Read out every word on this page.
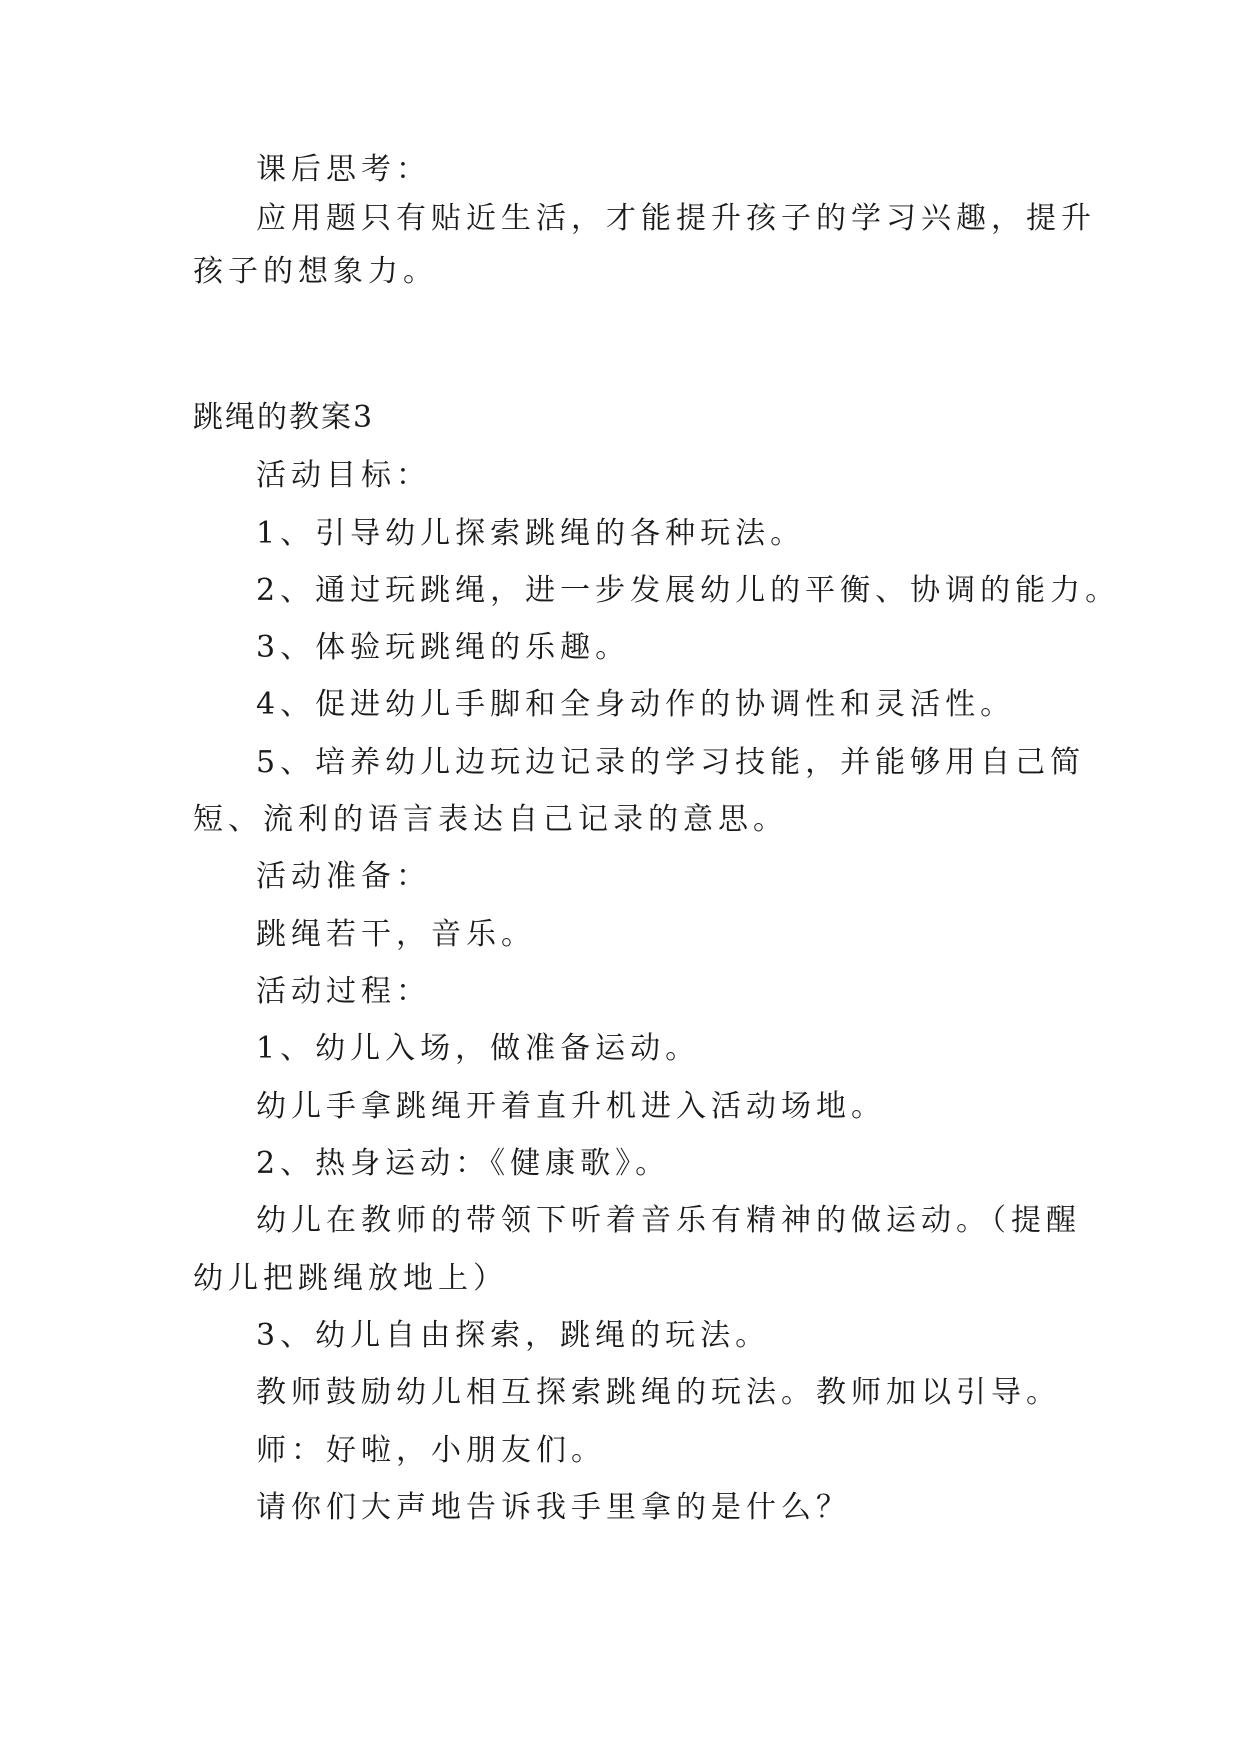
课后思考：

应用题只有贴近生活，才能提升孩子的学习兴趣，提升

孩子的想象力。

跳绳的教案3

活动目标：

1、引导幼儿探索跳绳的各种玩法。

2、通过玩跳绳，进一步发展幼儿的平衡、协调的能力。

3、体验玩跳绳的乐趣。

4、促进幼儿手脚和全身动作的协调性和灵活性。

5、培养幼儿边玩边记录的学习技能，并能够用自己简

短、流利的语言表达自己记录的意思。

活动准备：

跳绳若干，音乐。

活动过程：

1、幼儿入场，做准备运动。

幼儿手拿跳绳开着直升机进入活动场地。

2、热身运动：《健康歌》。

幼儿在教师的带领下听着音乐有精神的做运动。（提醒

幼儿把跳绳放地上）

3、幼儿自由探索，跳绳的玩法。

教师鼓励幼儿相互探索跳绳的玩法。教师加以引导。

师：好啦，小朋友们。

请你们大声地告诉我手里拿的是什么？
